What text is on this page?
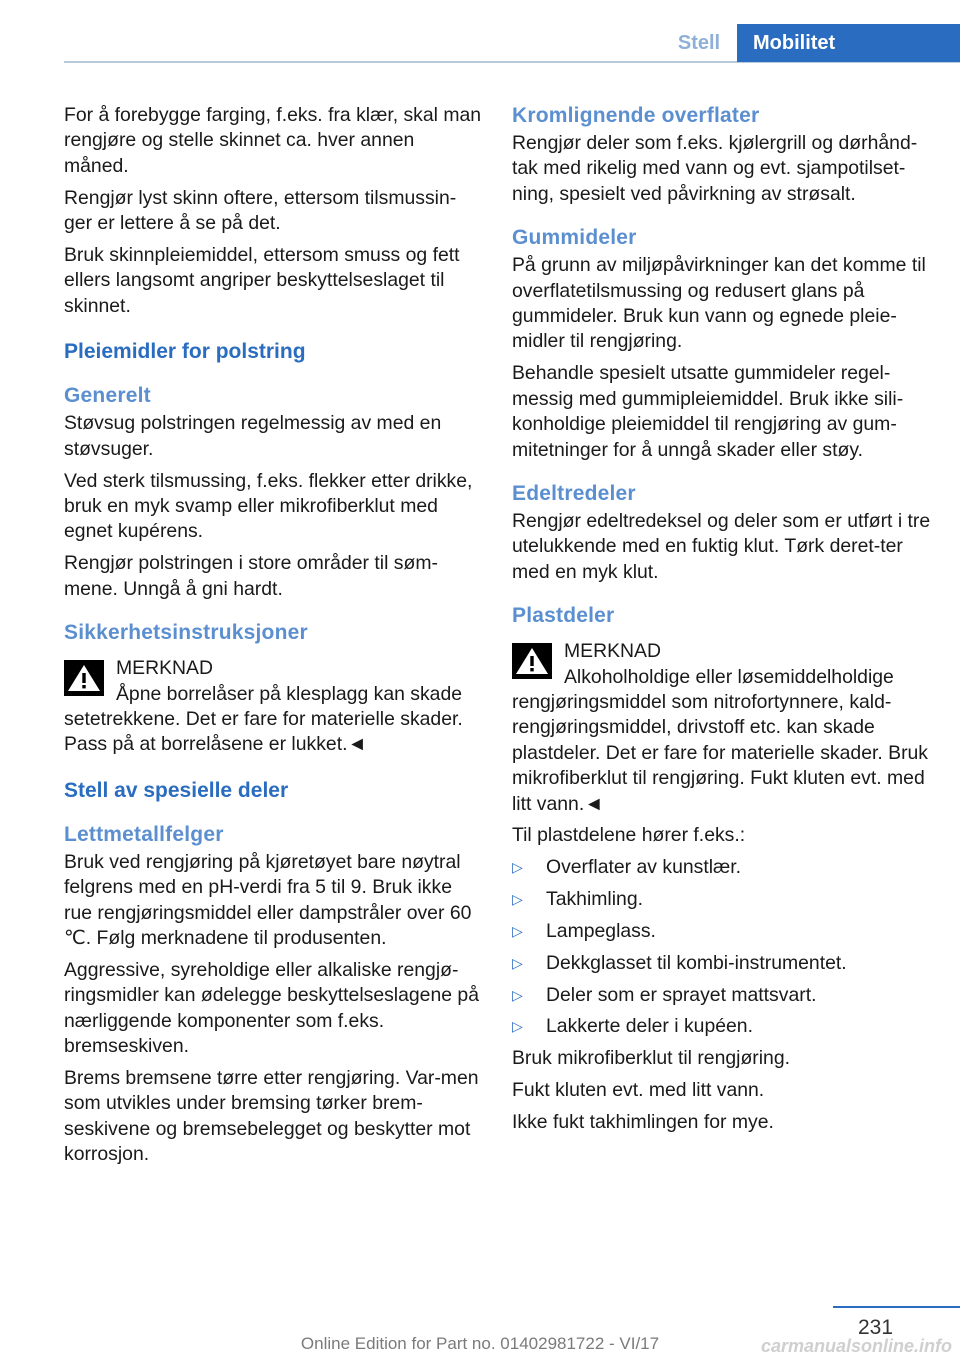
Stell	Mobilitet

For å forebygge farging, f.eks. fra klær, skal man rengjøre og stelle skinnet ca. hver annen måned.

Rengjør lyst skinn oftere, ettersom tilsmussin‐ger er lettere å se på det.

Bruk skinnpleiemiddel, ettersom smuss og fett ellers langsomt angriper beskyttelseslaget til skinnet.

Pleiemidler for polstring
Generelt

Støvsug polstringen regelmessig av med en støvsuger.

Ved sterk tilsmussing, f.eks. flekker etter drikke, bruk en myk svamp eller mikrofiberklut med egnet kupérens.

Rengjør polstringen i store områder til søm‐mene. Unngå å gni hardt.

Sikkerhetsinstruksjoner
MERKNAD
Åpne borrelåser på klesplagg kan skade
setetrekkene. Det er fare for materielle skader. Pass på at borrelåsene er lukket.◄
Stell av spesielle deler
Lettmetallfelger

Bruk ved rengjøring på kjøretøyet bare nøytral felgrens med en pH-verdi fra 5 til 9. Bruk ikke rue rengjøringsmiddel eller dampstråler over 60 ℃. Følg merknadene til produsenten.

Aggressive, syreholdige eller alkaliske rengjø‐ringsmidler kan ødelegge beskyttelseslagene på nærliggende komponenter som f.eks. bremseskiven.

Brems bremsene tørre etter rengjøring. Var‐men som utvikles under bremsing tørker brem‐seskivene og bremsebelegget og beskytter mot korrosjon.

Kromlignende overflater

Rengjør deler som f.eks. kjølergrill og dørhånd‐tak med rikelig med vann og evt. sjampotilset‐ning, spesielt ved påvirkning av strøsalt.

Gummideler

På grunn av miljøpåvirkninger kan det komme til overflatetilsmussing og redusert glans på gummideler. Bruk kun vann og egnede pleie‐midler til rengjøring.

Behandle spesielt utsatte gummideler regel‐messig med gummipleiemiddel. Bruk ikke sili‐konholdige pleiemiddel til rengjøring av gum‐mitetninger for å unngå skader eller støy.

Edeltredeler

Rengjør edeltredeksel og deler som er utført i tre utelukkende med en fuktig klut. Tørk deret‐ter med en myk klut.

Plastdeler
MERKNAD
Alkoholholdige eller løsemiddelholdige
rengjøringsmiddel som nitrofortynnere, kald‐rengjøringsmiddel, drivstoff etc. kan skade plastdeler. Det er fare for materielle skader. Bruk mikrofiberklut til rengjøring. Fukt kluten evt. med litt vann.◄

Til plastdelene hører f.eks.:

▷	Overflater av kunstlær.
▷	Takhimling.
▷	Lampeglass.
▷	Dekkglasset til kombi-instrumentet.
▷	Deler som er sprayet mattsvart.
▷	Lakkerte deler i kupéen.

Bruk mikrofiberklut til rengjøring.

Fukt kluten evt. med litt vann.

Ikke fukt takhimlingen for mye.

231
Online Edition for Part no. 01402981722 - VI/17	carmanualsonline.info
